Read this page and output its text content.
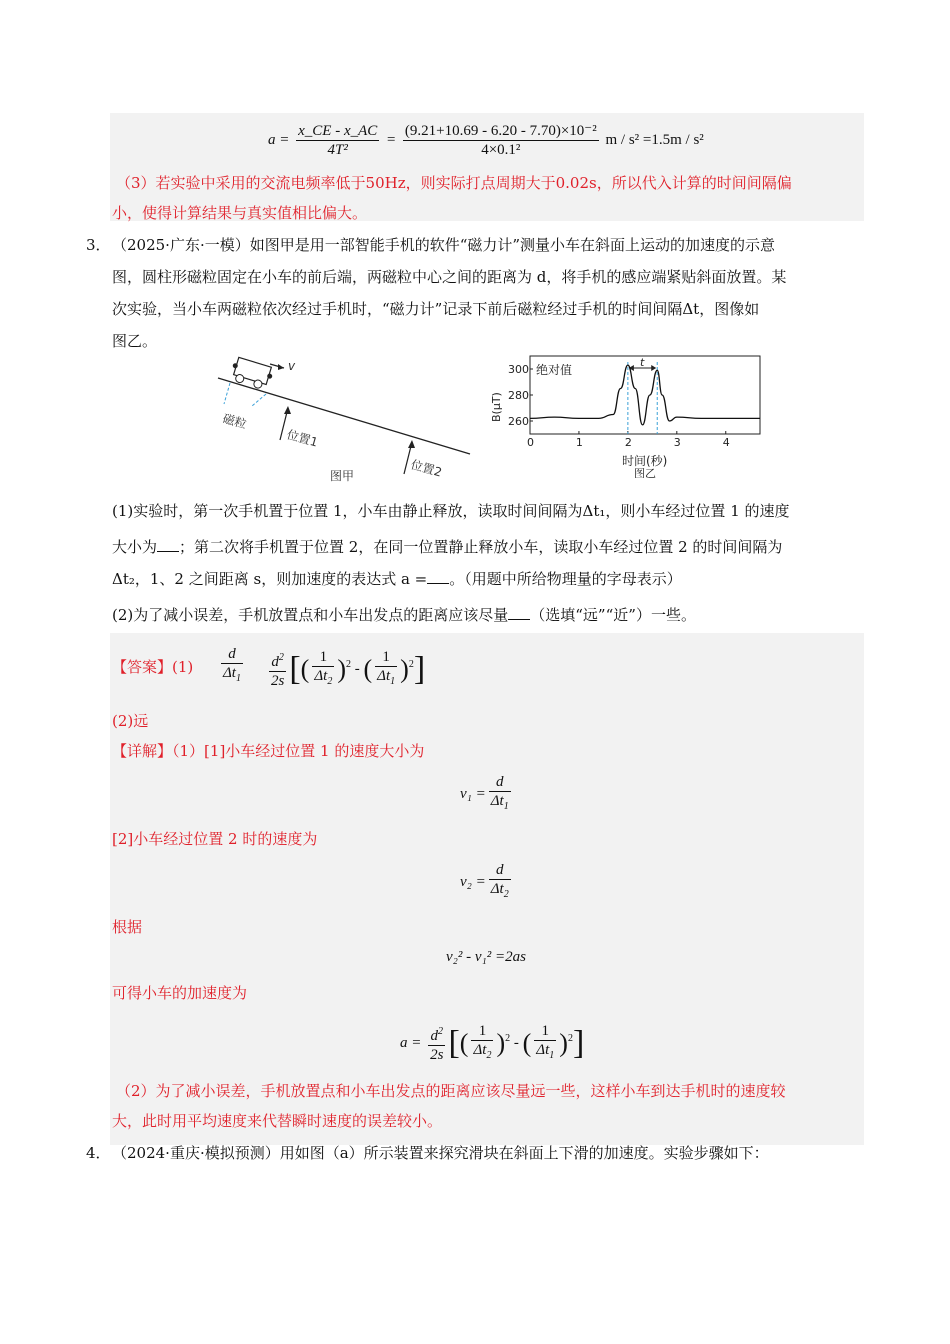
$a = \frac{x\_CE - x\_AC}{\text{4T²}} = \frac{\text{(9.21+10.69 - 6.20 - 7.70)×10⁻²}}{\text{4×0.1²}}$ m / s² =1.5m / s²
（3）若实验中采用的交流电频率低于50Hz，则实际打点周期大于0.02s，所以代入计算的时间间隔偏
小，使得计算结果与真实值相比偏大。
3． （2025·广东·一模）如图甲是用一部智能手机的软件“磁力计”测量小车在斜面上运动的加速度的示意
图，圆柱形磁粒固定在小车的前后端，两磁粒中心之间的距离为 d，将手机的感应端紧贴斜面放置。某
次实验，当小车两磁粒依次经过手机时，“磁力计”记录下前后磁粒经过手机的时间间隔Δt，图像如
图乙。
v
磁粒
位置1
位置2
图甲
0	1	2	3	4
260
280
300 绝对值
B(μT)
时间(秒)
图乙
t
(1)实验时，第一次手机置于位置 1，小车由静止释放，读取时间间隔为Δt₁，则小车经过位置 1 的速度
大小为 ；第二次将手机置于位置 2，在同一位置静止释放小车，读取小车经过位置 2 的时间间隔为
Δt₂，1、2 之间距离 s，则加速度的表达式 a = 。（用题中所给物理量的字母表示）
(2)为了减小误差，手机放置点和小车出发点的距离应该尽量 （选填“远”“近”）一些。
【答案】$(1) \frac{d}{\Delta t_1} \frac{d^2}{2s}$ [( $\frac{1}{\Delta t_2} )^2$ - ( $\frac{1}{\Delta t_1} )^2$]
(2)远
【详解】（1）[1]小车经过位置 1 的速度大小为
$v_1 = \frac{d}{\Delta t_1}$
[2]小车经过位置 2 时的速度为
$v_2 = \frac{d}{\Delta t_2}$
根据
v₂² - v₁² =2as
可得小车的加速度为
$a = \frac{d^2}{2s}$ [( $\frac{1}{\Delta t_2} )^2$ - ( $\frac{1}{\Delta t_1} )^2$]
（2）为了减小误差，手机放置点和小车出发点的距离应该尽量远一些，这样小车到达手机时的速度较
大，此时用平均速度来代替瞬时速度的误差较小。
4． （2024·重庆·模拟预测）用如图（a）所示装置来探究滑块在斜面上下滑的加速度。实验步骤如下：
